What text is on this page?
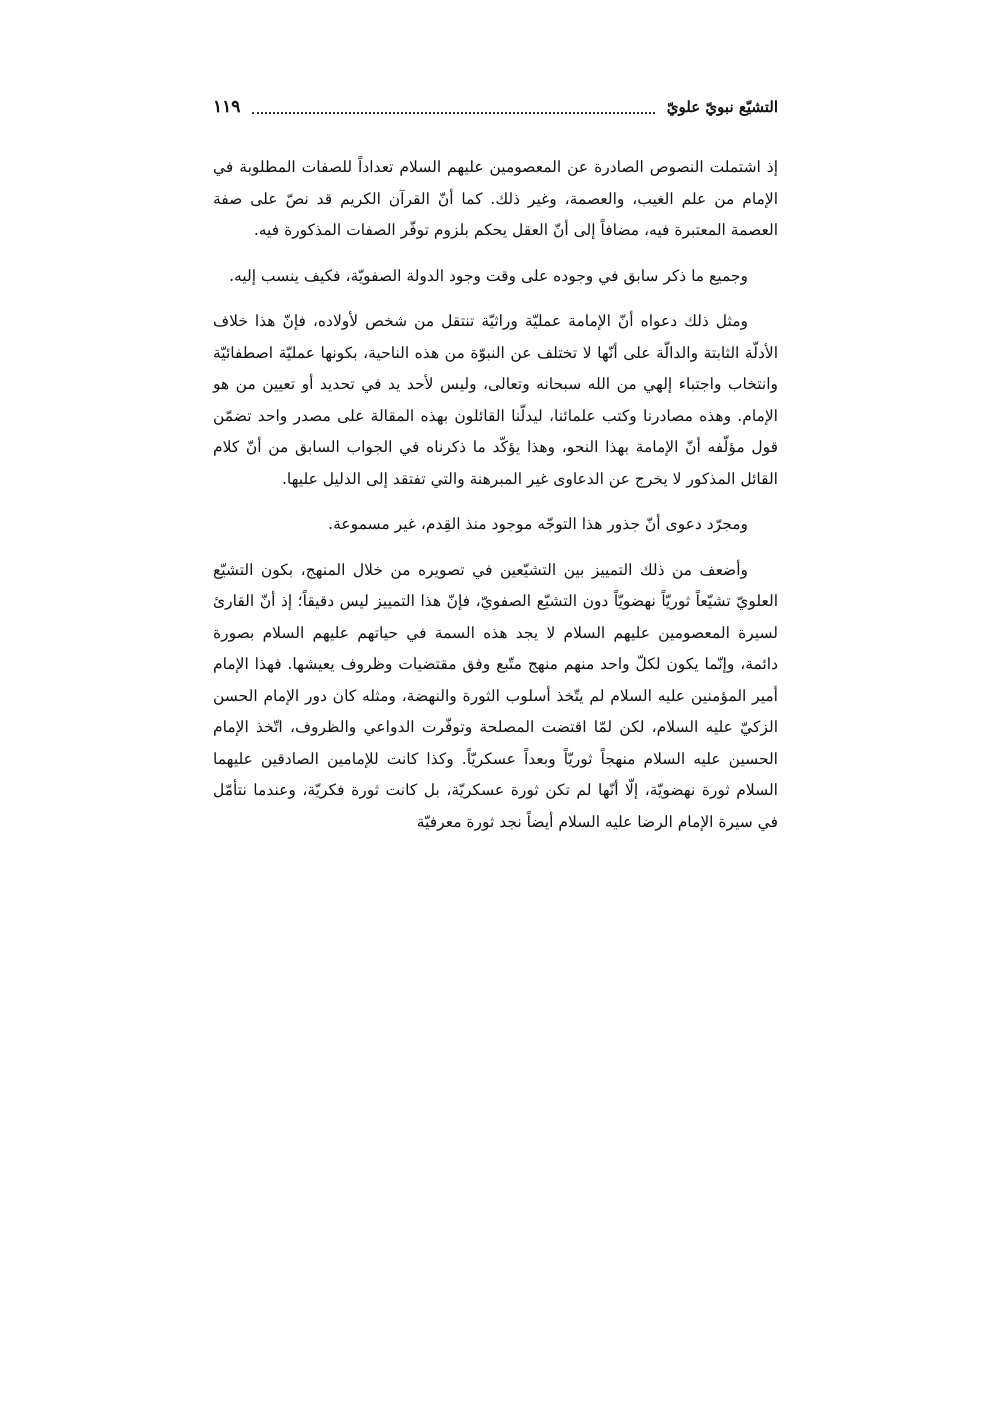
التشيّع نبويّ علويّ
١١٩

إذ اشتملت النصوص الصادرة عن المعصومين عليهم السلام تعداداً للصفات المطلوبة في الإمام من علم الغيب، والعصمة، وغير ذلك. كما أنّ القرآن الكريم قد نصّ على صفة العصمة المعتبرة فيه، مضافاً إلى أنّ العقل يحكم بلزوم توفّر الصفات المذكورة فيه.

وجميع ما ذكر سابق في وجوده على وقت وجود الدولة الصفويّة، فكيف ينسب إليه.

ومثل ذلك دعواه أنّ الإمامة عمليّة وراثيّة تنتقل من شخص لأولاده، فإنّ هذا خلاف الأدلّة الثابتة والدالّة على أنّها لا تختلف عن النبوّة من هذه الناحية، بكونها عمليّة اصطفائيّة وانتخاب واجتباء إلهي من الله سبحانه وتعالى، وليس لأحد يد في تحديد أو تعيين من هو الإمام. وهذه مصادرنا وكتب علمائنا، ليدلّنا القائلون بهذه المقالة على مصدر واحد تضمّن قول مؤلّفه أنّ الإمامة بهذا النحو، وهذا يؤكّد ما ذكرناه في الجواب السابق من أنّ كلام القائل المذكور لا يخرج عن الدعاوى غير المبرهنة والتي تفتقد إلى الدليل عليها.

ومجرّد دعوى أنّ جذور هذا التوجّه موجود منذ القِدم، غير مسموعة.

وأضعف من ذلك التمييز بين التشيّعين في تصويره من خلال المنهج، بكون التشيّع العلويّ تشيّعاً ثوريّاً نهضويّاً دون التشيّع الصفويّ، فإنّ هذا التمييز ليس دقيقاً؛ إذ أنّ القارئ لسيرة المعصومين عليهم السلام لا يجد هذه السمة في حياتهم عليهم السلام بصورة دائمة، وإنّما يكون لكلّ واحد منهم منهج متّبع وفق مقتضيات وظروف يعيشها. فهذا الإمام أمير المؤمنين عليه السلام لم يتّخذ أسلوب الثورة والنهضة، ومثله كان دور الإمام الحسن الزكيّ عليه السلام، لكن لمّا اقتضت المصلحة وتوفّرت الدواعي والظروف، اتّخذ الإمام الحسين عليه السلام منهجاً ثوريّاً وبعداً عسكريّاً. وكذا كانت للإمامين الصادقين عليهما السلام ثورة نهضويّة، إلّا أنّها لم تكن ثورة عسكريّة، بل كانت ثورة فكريّة، وعندما نتأمّل في سيرة الإمام الرضا عليه السلام أيضاً نجد ثورة معرفيّة
